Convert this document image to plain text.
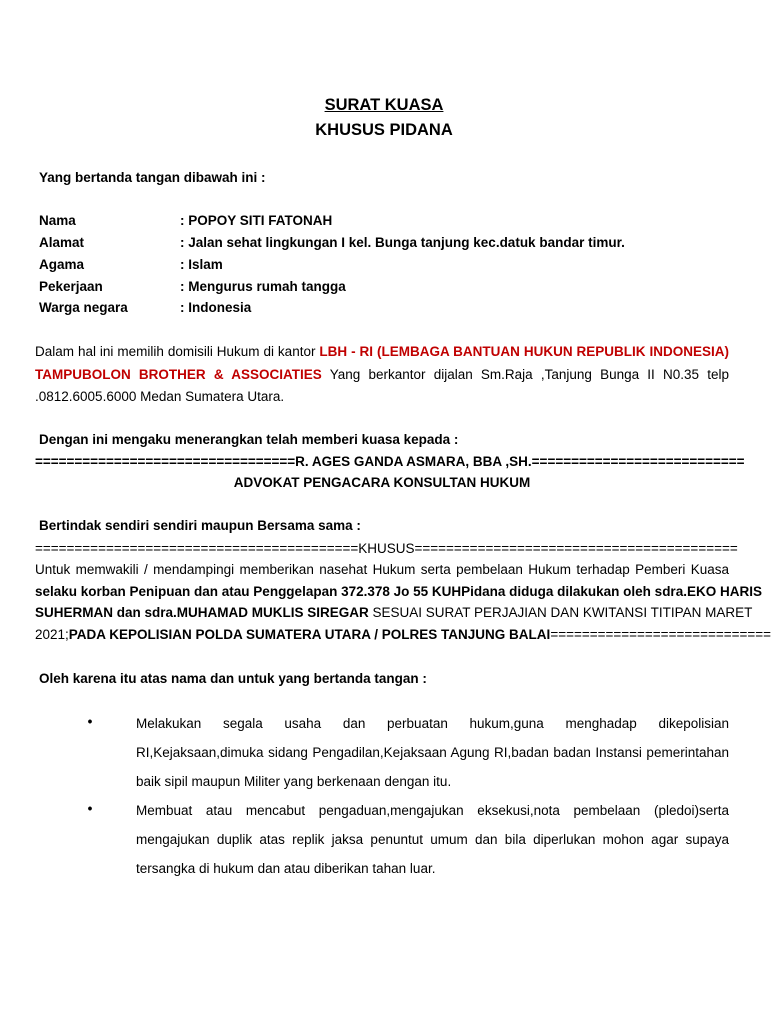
SURAT KUASA
KHUSUS PIDANA
Yang bertanda tangan dibawah ini :
Nama	: POPOY SITI FATONAH
Alamat	: Jalan sehat lingkungan I kel. Bunga tanjung kec.datuk bandar timur.
Agama	: Islam
Pekerjaan	: Mengurus rumah tangga
Warga negara	: Indonesia
Dalam hal ini memilih domisili Hukum di kantor LBH - RI (LEMBAGA BANTUAN HUKUN REPUBLIK INDONESIA)
TAMPUBOLON BROTHER & ASSOCIATIES Yang berkantor dijalan Sm.Raja ,Tanjung Bunga II N0.35 telp
.0812.6005.6000 Medan Sumatera Utara.
Dengan ini mengaku menerangkan telah memberi kuasa kepada :
=================================R. AGES GANDA ASMARA, BBA ,SH.===========================
ADVOKAT PENGACARA KONSULTAN HUKUM
Bertindak sendiri sendiri maupun Bersama sama :
=========================================KHUSUS=========================================
Untuk memwakili / mendampingi memberikan nasehat Hukum serta pembelaan Hukum terhadap Pemberi Kuasa
selaku korban Penipuan dan atau Penggelapan 372.378 Jo 55 KUHPidana diduga dilakukan oleh sdra.EKO HARIS
SUHERMAN dan sdra.MUHAMAD MUKLIS SIREGAR SESUAI SURAT PERJAJIAN DAN KWITANSI TITIPAN MARET
2021;PADA KEPOLISIAN POLDA SUMATERA UTARA / POLRES TANJUNG BALAI============================
Oleh karena itu atas nama dan untuk yang bertanda tangan :
•	Melakukan segala usaha dan perbuatan hukum,guna menghadap dikepolisian
RI,Kejaksaan,dimuka sidang Pengadilan,Kejaksaan Agung RI,badan badan Instansi pemerintahan
baik sipil maupun Militer yang berkenaan dengan itu.
•	Membuat atau mencabut pengaduan,mengajukan eksekusi,nota pembelaan (pledoi)serta
mengajukan duplik atas replik jaksa penuntut umum dan bila diperlukan mohon agar supaya
tersangka di hukum dan atau diberikan tahan luar.
